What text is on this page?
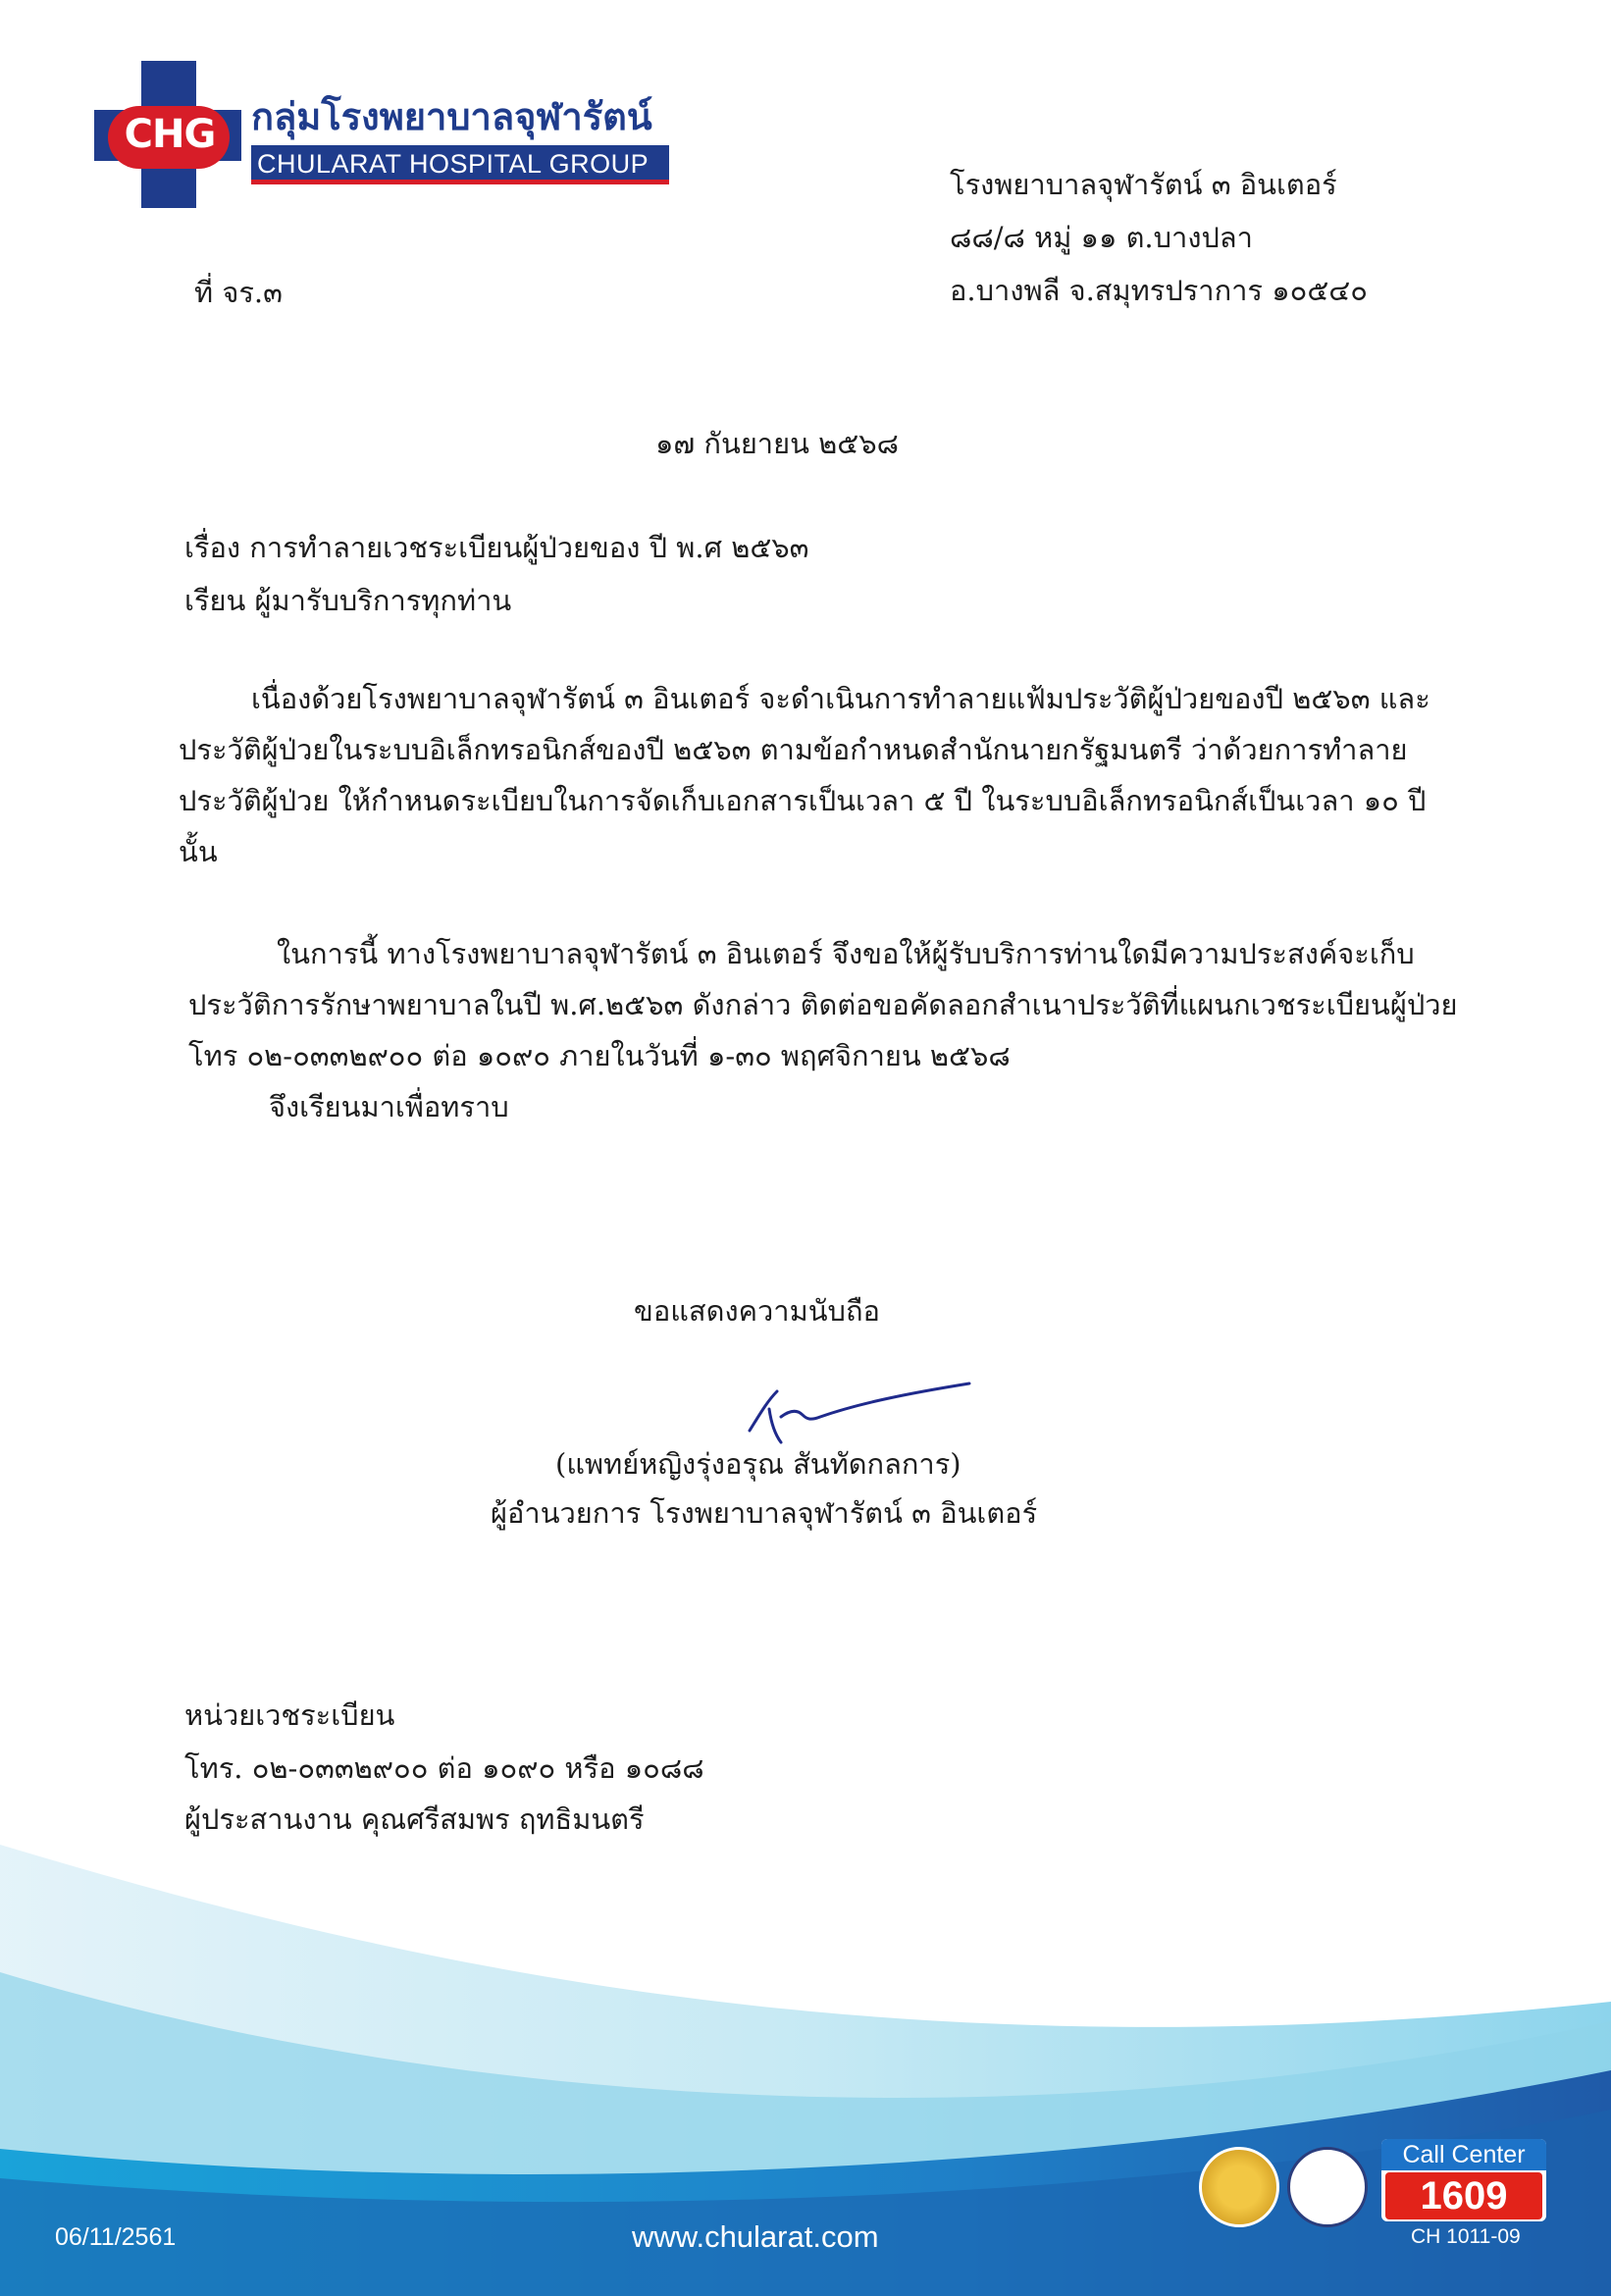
CHG กลุ่มโรงพยาบาลจุฬารัตน์
CHULARAT HOSPITAL GROUP
โรงพยาบาลจุฬารัตน์ ๓ อินเตอร์
๘๘/๘ หมู่ ๑๑ ต.บางปลา
อ.บางพลี จ.สมุทรปราการ ๑๐๕๔๐
ที่ จร.๓
๑๗ กันยายน ๒๕๖๘
เรื่อง การทำลายเวชระเบียนผู้ป่วยของ ปี พ.ศ ๒๕๖๓
เรียน ผู้มารับบริการทุกท่าน
เนื่องด้วยโรงพยาบาลจุฬารัตน์ ๓ อินเตอร์ จะดำเนินการทำลายแฟ้มประวัติผู้ป่วยของปี ๒๕๖๓ และ
ประวัติผู้ป่วยในระบบอิเล็กทรอนิกส์ของปี ๒๕๖๓ ตามข้อกำหนดสำนักนายกรัฐมนตรี ว่าด้วยการทำลาย
ประวัติผู้ป่วย ให้กำหนดระเบียบในการจัดเก็บเอกสารเป็นเวลา ๕ ปี ในระบบอิเล็กทรอนิกส์เป็นเวลา ๑๐ ปี
นั้น
ในการนี้ ทางโรงพยาบาลจุฬารัตน์ ๓ อินเตอร์ จึงขอให้ผู้รับบริการท่านใดมีความประสงค์จะเก็บ
ประวัติการรักษาพยาบาลในปี พ.ศ.๒๕๖๓ ดังกล่าว ติดต่อขอคัดลอกสำเนาประวัติที่แผนกเวชระเบียนผู้ป่วย
โทร ๐๒-๐๓๓๒๙๐๐ ต่อ ๑๐๙๐ ภายในวันที่ ๑-๓๐ พฤศจิกายน ๒๕๖๘
จึงเรียนมาเพื่อทราบ
ขอแสดงความนับถือ
(แพทย์หญิงรุ่งอรุณ สันทัดกลการ)
ผู้อำนวยการ โรงพยาบาลจุฬารัตน์ ๓ อินเตอร์
หน่วยเวชระเบียน
โทร. ๐๒-๐๓๓๒๙๐๐ ต่อ ๑๐๙๐ หรือ ๑๐๘๘
ผู้ประสานงาน คุณศรีสมพร ฤทธิมนตรี
06/11/2561	www.chularat.com	CH 1011-09
Call Center
1609
